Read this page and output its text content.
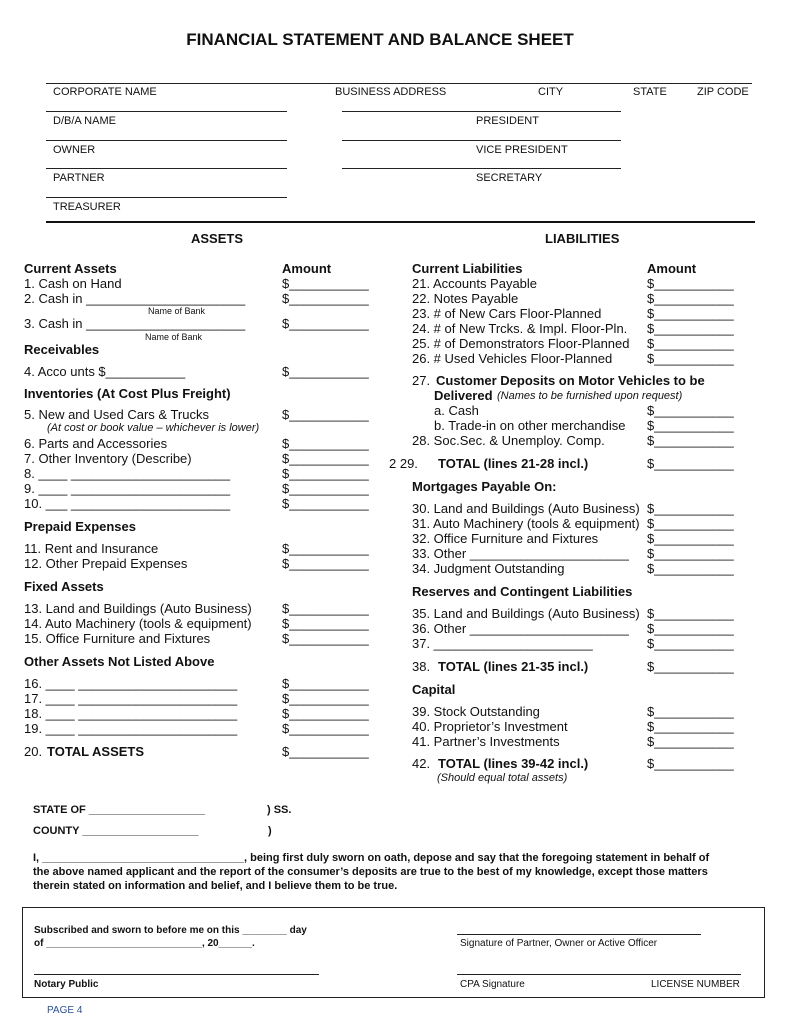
FINANCIAL STATEMENT AND BALANCE SHEET
CORPORATE NAME	BUSINESS ADDRESS	CITY	STATE	ZIP CODE
D/B/A NAME	PRESIDENT
OWNER	VICE PRESIDENT
PARTNER	SECRETARY
TREASURER
ASSETS
Current Assets	Amount
1. Cash on Hand	$___________
2. Cash in ______________________	$___________
Name of Bank
3. Cash in ______________________	$___________
Name of Bank
Receivables
4. Acco unts $___________	$___________
Inventories (At Cost Plus Freight)
5. New and Used Cars & Trucks	$___________
(At cost or book value – whichever is lower)
6. Parts and Accessories	$___________
7. Other Inventory (Describe)	$___________
8. ____ ______________________	$___________
9. ____ ______________________	$___________
10. ___ ______________________	$___________
Prepaid Expenses
11. Rent and Insurance	$___________
12. Other Prepaid Expenses	$___________
Fixed Assets
13. Land and Buildings (Auto Business) $___________
14. Auto Machinery (tools & equipment) $___________
15. Office Furniture and Fixtures	$___________
Other Assets Not Listed Above
16. ____ ______________________	$___________
17. ____ ______________________	$___________
18. ____ ______________________	$___________
19. ____ ______________________	$___________
20. TOTAL ASSETS	$___________
LIABILITIES
Current Liabilities	Amount
21. Accounts Payable	$___________
22. Notes Payable	$___________
23. # of New Cars Floor-Planned	$___________
24. # of New Trcks. & Impl. Floor-Pln. $___________
25. # of Demonstrators Floor-Planned $___________
26. # Used Vehicles Floor-Planned	$___________
27. Customer Deposits on Motor Vehicles to be
Delivered (Names to be furnished upon request)
a. Cash	$___________
b. Trade-in on other merchandise $___________
28. Soc.Sec. & Unemploy. Comp.	$___________
2 29. TOTAL (lines 21-28 incl.)	$___________
Mortgages Payable On:
30. Land and Buildings (Auto Business) $___________
31. Auto Machinery (tools & equipment) $___________
32. Office Furniture and Fixtures	$___________
33. Other ______________________ $___________
34. Judgment Outstanding	$___________
Reserves and Contingent Liabilities
35. Land and Buildings (Auto Business) $___________
36. Other ______________________ $___________
37. ______________________	$___________
38. TOTAL (lines 21-35 incl.)	$___________
Capital
39. Stock Outstanding	$___________
40. Proprietor’s Investment	$___________
41. Partner’s Investments	$___________
42. TOTAL (lines 39-42 incl.)	$___________
(Should equal total assets)
STATE OF ___________________	) SS.
COUNTY ___________________	)
I, _________________________________, being first duly sworn on oath, depose and say that the foregoing statement in behalf of
the above named applicant and the report of the consumer’s deposits are true to the best of my knowledge, except those matters
therein stated on information and belief, and I believe them to be true.
Subscribed and sworn to before me on this ________ day
of ____________________________, 20______.	Signature of Partner, Owner or Active Officer
Notary Public	CPA Signature	LICENSE NUMBER
PAGE 4
